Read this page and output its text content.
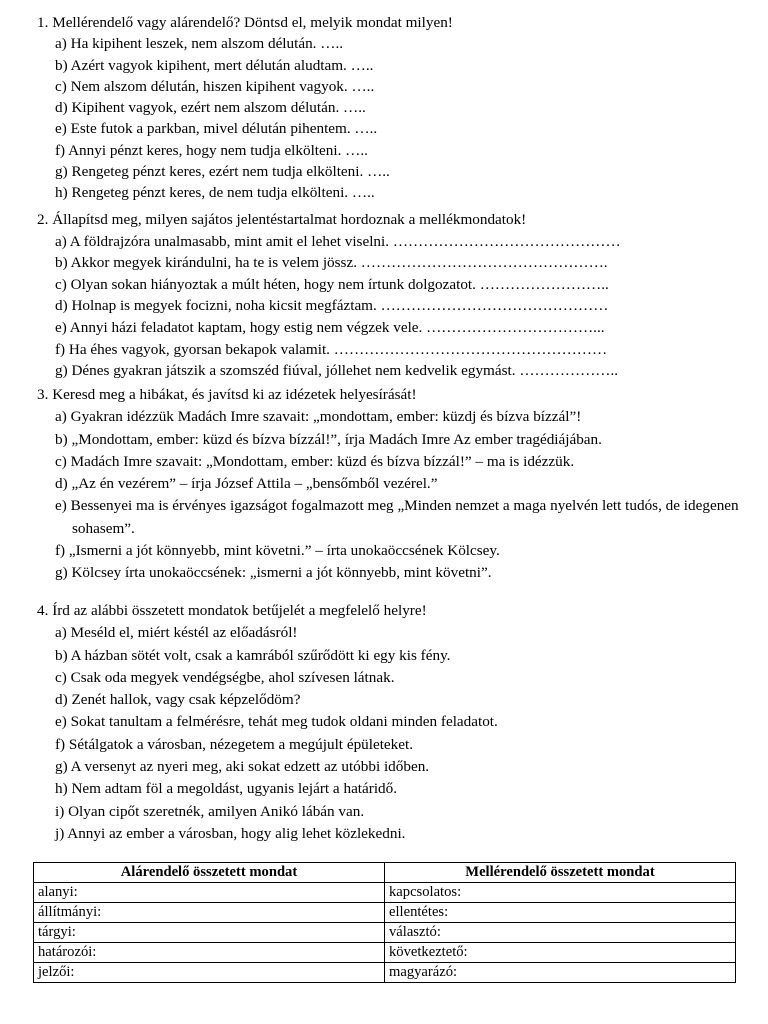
1. Mellérendelő vagy alárendelő? Döntsd el, melyik mondat milyen!
a) Ha kipihent leszek, nem alszom délután. …..
b) Azért vagyok kipihent, mert délután aludtam. …..
c) Nem alszom délután, hiszen kipihent vagyok. …..
d) Kipihent vagyok, ezért nem alszom délután. …..
e) Este futok a parkban, mivel délután pihentem. …..
f) Annyi pénzt keres, hogy nem tudja elkölteni. …..
g) Rengeteg pénzt keres, ezért nem tudja elkölteni. …..
h) Rengeteg pénzt keres, de nem tudja elkölteni. …..
2. Állapítsd meg, milyen sajátos jelentéstartalmat hordoznak a mellékmondatok!
a) A földrajzóra unalmasabb, mint amit el lehet viselni. ………………………………………
b) Akkor megyek kirándulni, ha te is velem jössz. ………………………………………….
c) Olyan sokan hiányoztak a múlt héten, hogy nem írtunk dolgozatot. ……………………..
d) Holnap is megyek focizni, noha kicsit megfáztam. ………………………………………
e) Annyi házi feladatot kaptam, hogy estig nem végzek vele. ……………………………...
f) Ha éhes vagyok, gyorsan bekapok valamit. ………………………………………………
g) Dénes gyakran játszik a szomszéd fiúval, jóllehet nem kedvelik egymást. ………………..
3. Keresd meg a hibákat, és javítsd ki az idézetek helyesírását!
a) Gyakran idézzük Madách Imre szavait: „mondottam, ember: küzdj és bízva bízzál”!
b) „Mondottam, ember: küzd és bízva bízzál!”, írja Madách Imre Az ember tragédiájában.
c) Madách Imre szavait: „Mondottam, ember: küzd és bízva bízzál!” – ma is idézzük.
d) „Az én vezérem” – írja József Attila – „bensőmből vezérel.”
e) Bessenyei ma is érvényes igazságot fogalmazott meg „Minden nemzet a maga nyelvén lett tudós, de idegenen sohasem”.
f) „Ismerni a jót könnyebb, mint követni.” – írta unokaöccsének Kölcsey.
g) Kölcsey írta unokaöccsének: „ismerni a jót könnyebb, mint követni”.
4. Írd az alábbi összetett mondatok betűjelét a megfelelő helyre!
a) Meséld el, miért késtél az előadásról!
b) A házban sötét volt, csak a kamrából szűrődött ki egy kis fény.
c) Csak oda megyek vendégségbe, ahol szívesen látnak.
d) Zenét hallok, vagy csak képzelődöm?
e) Sokat tanultam a felmérésre, tehát meg tudok oldani minden feladatot.
f) Sétálgatok a városban, nézegetem a megújult épületeket.
g) A versenyt az nyeri meg, aki sokat edzett az utóbbi időben.
h) Nem adtam föl a megoldást, ugyanis lejárt a határidő.
i) Olyan cipőt szeretnék, amilyen Anikó lábán van.
j) Annyi az ember a városban, hogy alig lehet közlekedni.
Alárendelő összetett mondat	Mellérendelő összetett mondat
alanyi:	kapcsolatos:
állítmányi:	ellentétes:
tárgyi:	választó:
határozói:	következtető:
jelzői:	magyarázó:
